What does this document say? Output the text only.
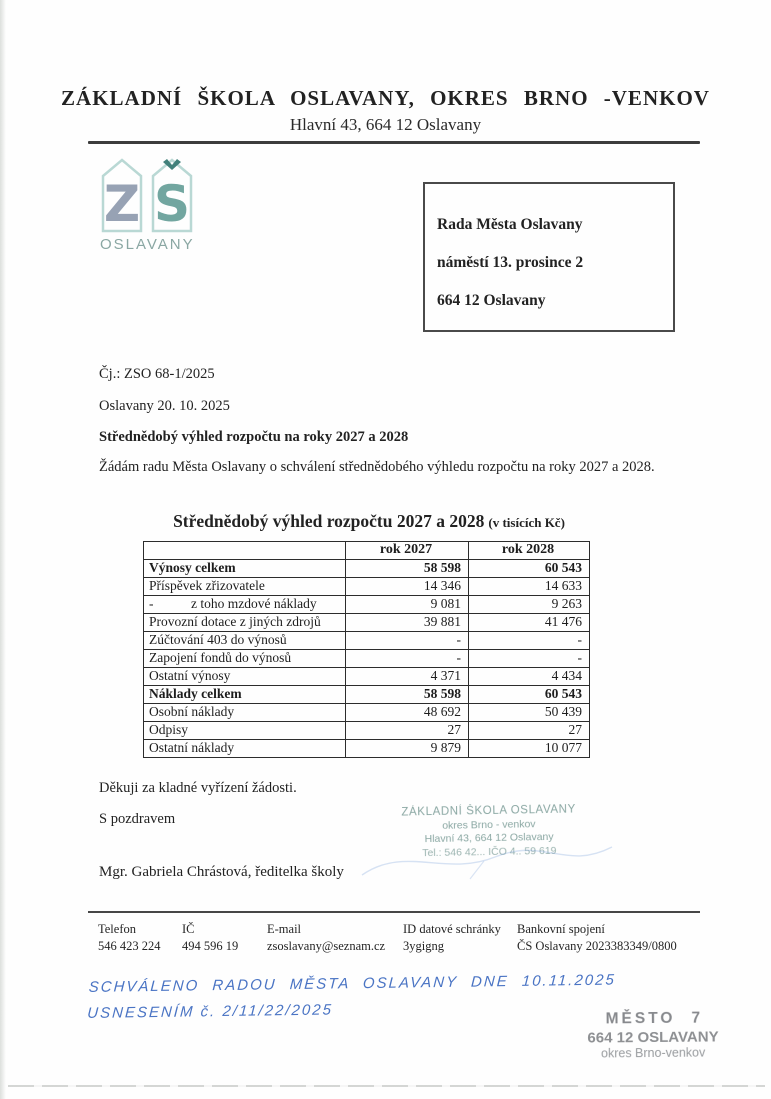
ZÁKLADNÍ ŠKOLA OSLAVANY, OKRES BRNO -VENKOV
Hlavní 43, 664 12 Oslavany
Z S
OSLAVANY
Rada Města Oslavany
náměstí 13. prosince 2
664 12 Oslavany
Čj.: ZSO 68-1/2025
Oslavany 20. 10. 2025
Střednědobý výhled rozpočtu na roky 2027 a 2028
Žádám radu Města Oslavany o schválení střednědobého výhledu rozpočtu na roky 2027 a 2028.
Střednědobý výhled rozpočtu 2027 a 2028 (v tisících Kč)
	rok 2027	rok 2028
Výnosy celkem	58 598	60 543
Příspěvek zřizovatele	14 346	14 633
- z toho mzdové náklady	9 081	9 263
Provozní dotace z jiných zdrojů	39 881	41 476
Zúčtování 403 do výnosů	-	-
Zapojení fondů do výnosů	-	-
Ostatní výnosy	4 371	4 434
Náklady celkem	58 598	60 543
Osobní náklady	48 692	50 439
Odpisy	27	27
Ostatní náklady	9 879	10 077
Děkuji za kladné vyřízení žádosti.
S pozdravem	ZÁKLADNÍ ŠKOLA OSLAVANY
okres Brno - venkov
Hlavní 43, 664 12 Oslavany
Tel.: 546 42... IČO 4.. 59 619
Mgr. Gabriela Chrástová, ředitelka školy
Telefon
546 423 224
IČ
494 596 19
E-mail
zsoslavany@seznam.cz
ID datové schránky
3ygigng
Bankovní spojení
ČS Oslavany 2023383349/0800
SCHVÁLENO RADOU MĚSTA OSLAVANY DNE 10.11.2025
USNESENÍM č. 2/11/22/2025	MĚSTO 7
664 12 OSLAVANY
okres Brno-venkov
